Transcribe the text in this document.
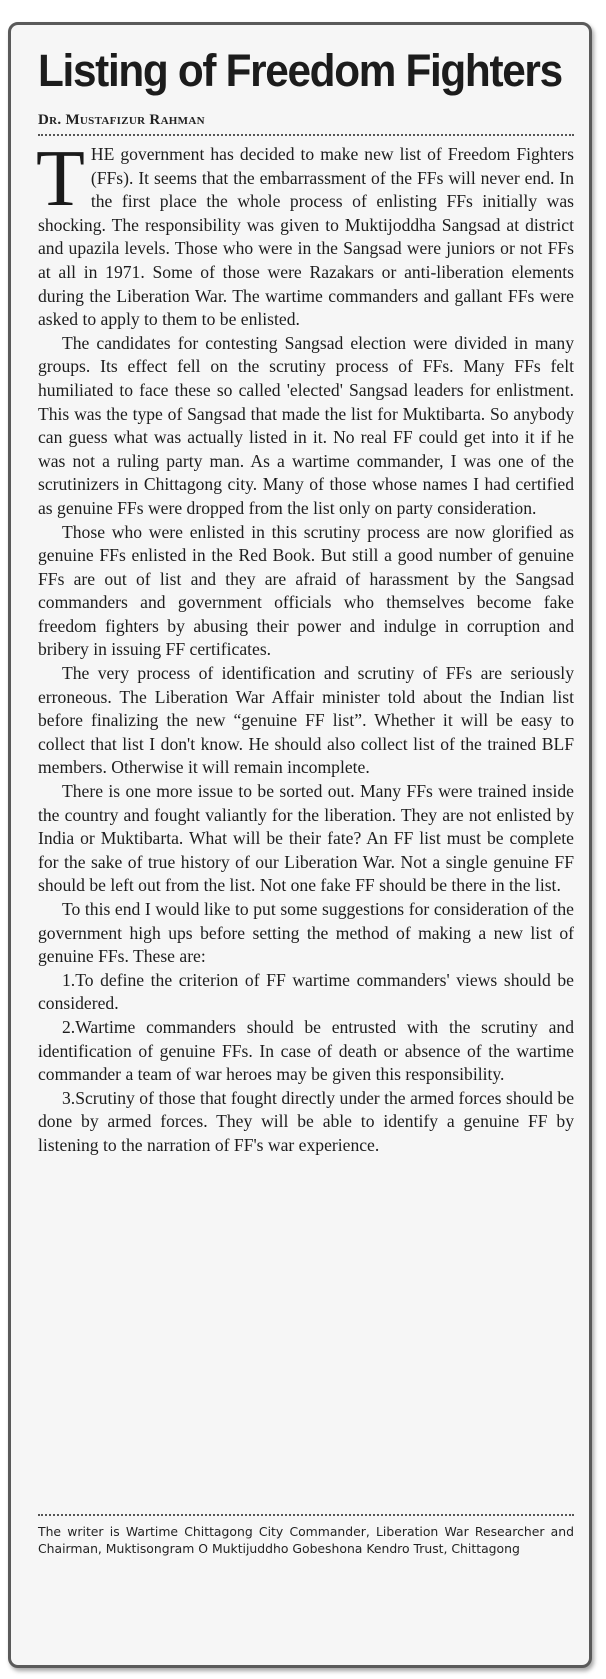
Listing of Freedom Fighters
Dr. Mustafizur Rahman

THE government has decided to make new list of Freedom Fighters (FFs). It seems that the embarrassment of the FFs will never end. In the first place the whole process of enlisting FFs initially was shocking. The responsibility was given to Muktijoddha Sangsad at district and upazila levels. Those who were in the Sangsad were juniors or not FFs at all in 1971. Some of those were Razakars or anti-liberation elements during the Liberation War. The wartime commanders and gallant FFs were asked to apply to them to be enlisted.

The candidates for contesting Sangsad election were divided in many groups. Its effect fell on the scrutiny process of FFs. Many FFs felt humiliated to face these so called 'elected' Sangsad leaders for enlistment. This was the type of Sangsad that made the list for Muktibarta. So anybody can guess what was actually listed in it. No real FF could get into it if he was not a ruling party man. As a wartime commander, I was one of the scrutinizers in Chittagong city. Many of those whose names I had certified as genuine FFs were dropped from the list only on party consideration.

Those who were enlisted in this scrutiny process are now glorified as genuine FFs enlisted in the Red Book. But still a good number of genuine FFs are out of list and they are afraid of harassment by the Sangsad commanders and government officials who themselves become fake freedom fighters by abusing their power and indulge in corruption and bribery in issuing FF certificates.

The very process of identification and scrutiny of FFs are seriously erroneous. The Liberation War Affair minister told about the Indian list before finalizing the new “genuine FF list”. Whether it will be easy to collect that list I don't know. He should also collect list of the trained BLF members. Otherwise it will remain incomplete.

There is one more issue to be sorted out. Many FFs were trained inside the country and fought valiantly for the liberation. They are not enlisted by India or Muktibarta. What will be their fate? An FF list must be complete for the sake of true history of our Liberation War. Not a single genuine FF should be left out from the list. Not one fake FF should be there in the list.

To this end I would like to put some suggestions for consideration of the government high ups before setting the method of making a new list of genuine FFs. These are:

1.To define the criterion of FF wartime commanders' views should be considered.

2.Wartime commanders should be entrusted with the scrutiny and identification of genuine FFs. In case of death or absence of the wartime commander a team of war heroes may be given this responsibility.

3.Scrutiny of those that fought directly under the armed forces should be done by armed forces. They will be able to identify a genuine FF by listening to the narration of FF's war experience.

The writer is Wartime Chittagong City Commander, Liberation War Researcher and Chairman, Muktisongram O Muktijuddho Gobeshona Kendro Trust, Chittagong
